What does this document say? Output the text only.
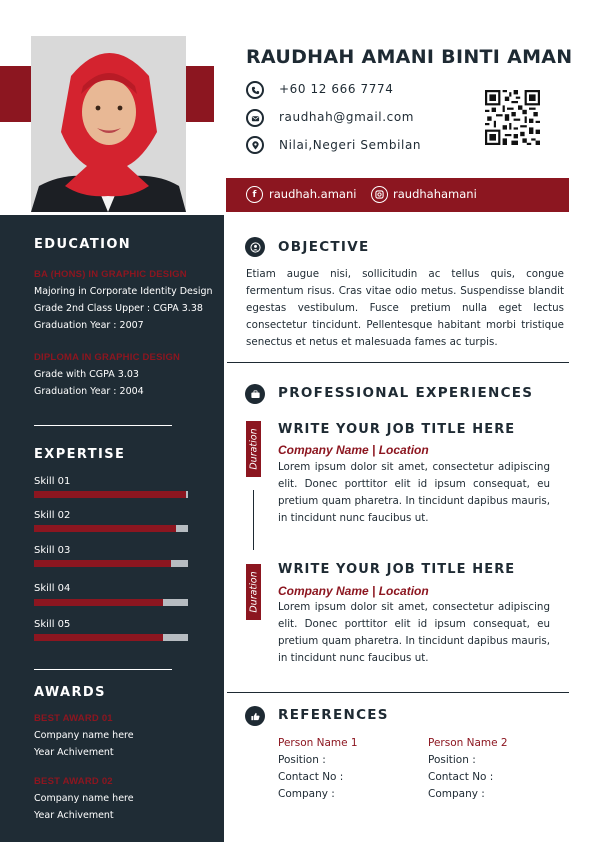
RAUDHAH AMANI BINTI AMAN
+60 12 666 7774
raudhah@gmail.com
Nilai,Negeri Sembilan
f	raudhah.amani	raudhahamani
EDUCATION
BA (HONS) IN GRAPHIC DESIGN
Majoring in Corporate Identity Design
Grade 2nd Class Upper : CGPA 3.38
Graduation Year : 2007
DIPLOMA IN GRAPHIC DESIGN
Grade with CGPA 3.03
Graduation Year : 2004
EXPERTISE
Skill 01
Skill 02
Skill 03
Skill 04
Skill 05
AWARDS
BEST AWARD 01
Company name here
Year Achivement
BEST AWARD 02
Company name here
Year Achivement
OBJECTIVE
Etiam augue nisi, sollicitudin ac tellus quis, congue fermentum risus. Cras vitae odio metus. Suspendisse blandit egestas vestibulum. Fusce pretium nulla eget lectus consectetur tincidunt. Pellentesque habitant morbi tristique senectus et netus et malesuada fames ac turpis.
PROFESSIONAL EXPERIENCES
Duration WRITE YOUR JOB TITLE HERE
Company Name | Location
Lorem ipsum dolor sit amet, consectetur adipiscing elit. Donec porttitor elit id ipsum consequat, eu pretium quam pharetra. In tincidunt dapibus mauris, in tincidunt nunc faucibus ut.
Duration
WRITE YOUR JOB TITLE HERE
Company Name | Location
Lorem ipsum dolor sit amet, consectetur adipiscing elit. Donec porttitor elit id ipsum consequat, eu pretium quam pharetra. In tincidunt dapibus mauris, in tincidunt nunc faucibus ut.
REFERENCES
Person Name 1
Position :
Contact No :
Company :
Person Name 2
Position :
Contact No :
Company :
